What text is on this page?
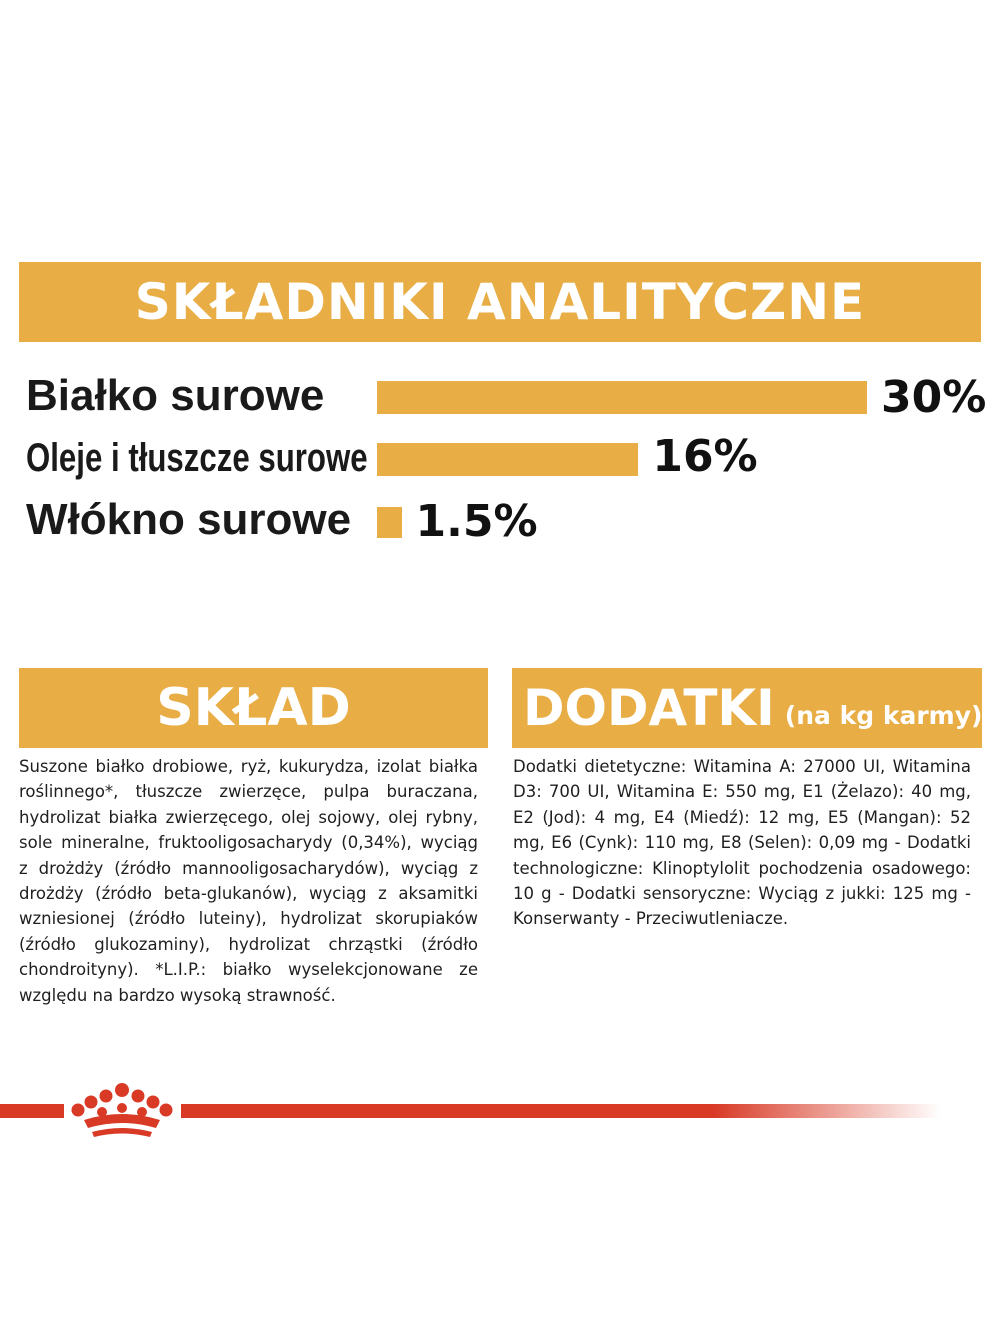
SKŁADNIKI ANALITYCZNE
Białko surowe	30%
Oleje i tłuszcze surowe	16%
Włókno surowe 1.5%
SKŁAD
Suszone białko drobiowe, ryż, kukurydza, izolat białka roślinnego*, tłuszcze zwierzęce, pulpa buraczana, hydrolizat białka zwierzęcego, olej sojowy, olej rybny, sole mineralne, fruktooligosacharydy (0,34%), wyciąg z drożdży (źródło mannooligosacharydów), wyciąg z drożdży (źródło beta-glukanów), wyciąg z aksamitki wzniesionej (źródło luteiny), hydrolizat skorupiaków (źródło glukozaminy), hydrolizat chrząstki (źródło chondroityny). *L.I.P.: białko wyselekcjonowane ze względu na bardzo wysoką strawność.
DODATKI (na kg karmy)
Dodatki dietetyczne: Witamina A: 27000 UI, Witamina D3: 700 UI, Witamina E: 550 mg, E1 (Żelazo): 40 mg, E2 (Jod): 4 mg, E4 (Miedź): 12 mg, E5 (Mangan): 52 mg, E6 (Cynk): 110 mg, E8 (Selen): 0,09 mg - Dodatki technologiczne: Klinoptylolit pochodzenia osadowego: 10 g - Dodatki sensoryczne: Wyciąg z jukki: 125 mg - Konserwanty - Przeciwutleniacze.
